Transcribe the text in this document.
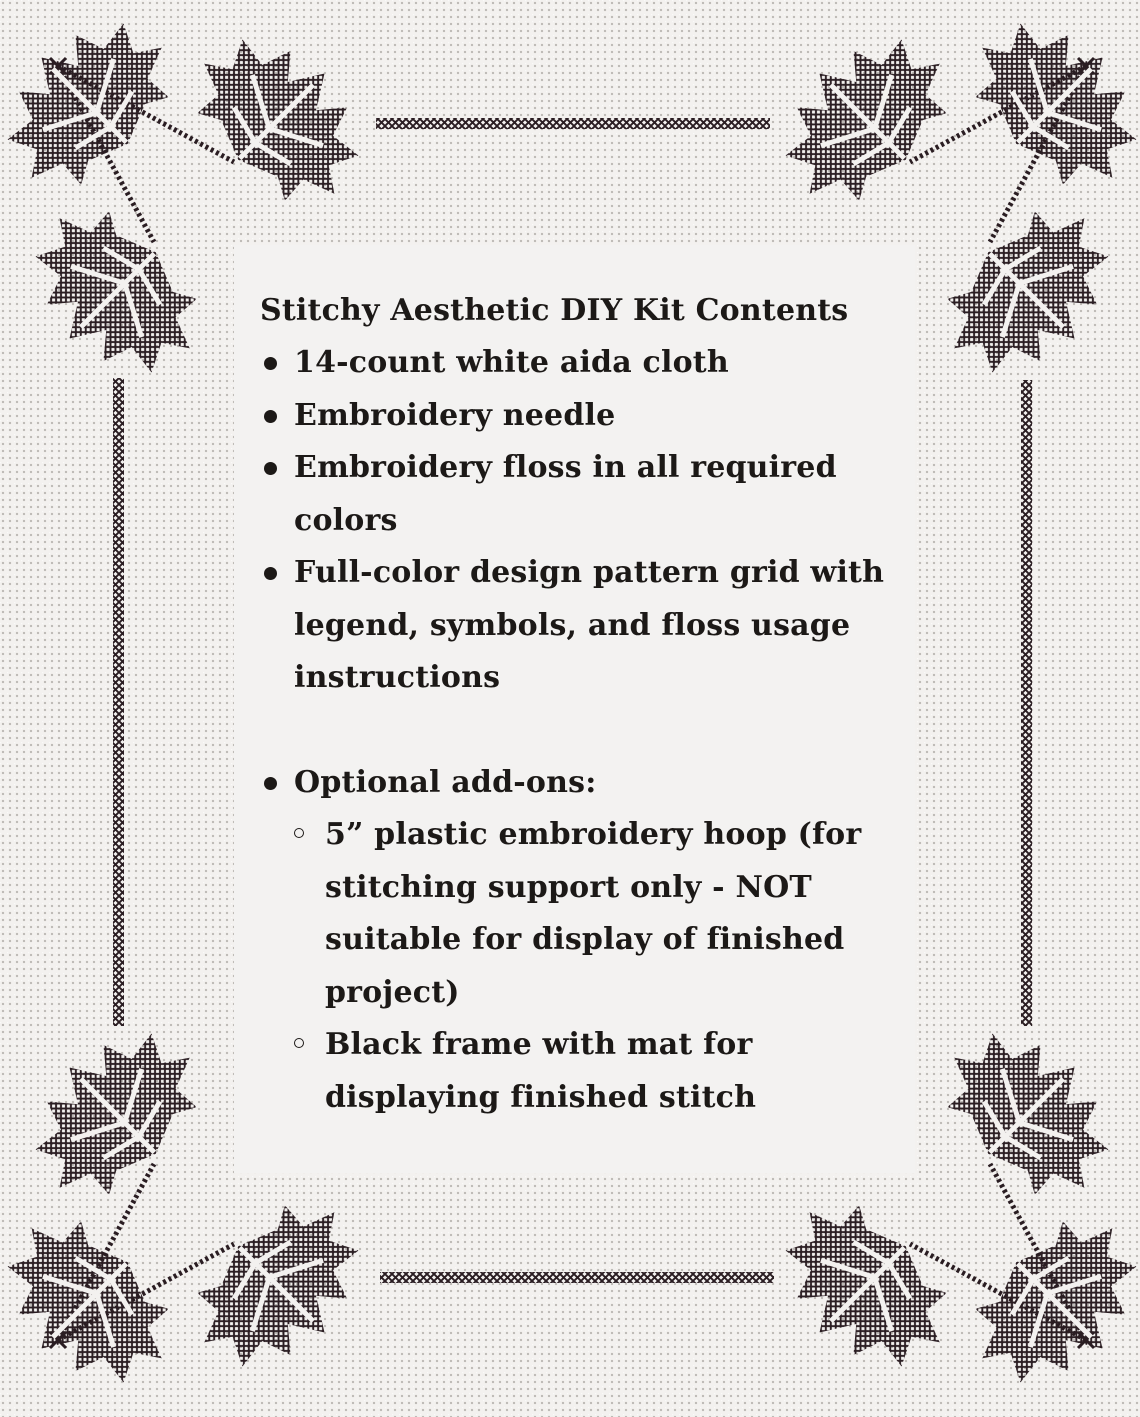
Stitchy Aesthetic DIY Kit Contents
14-count white aida cloth
Embroidery needle
Embroidery floss in all required colors
Full-color design pattern grid with legend, symbols, and floss usage instructions
Optional add-ons:
5” plastic embroidery hoop (for stitching support only - NOT suitable for display of finished project)
Black frame with mat for displaying finished stitch
